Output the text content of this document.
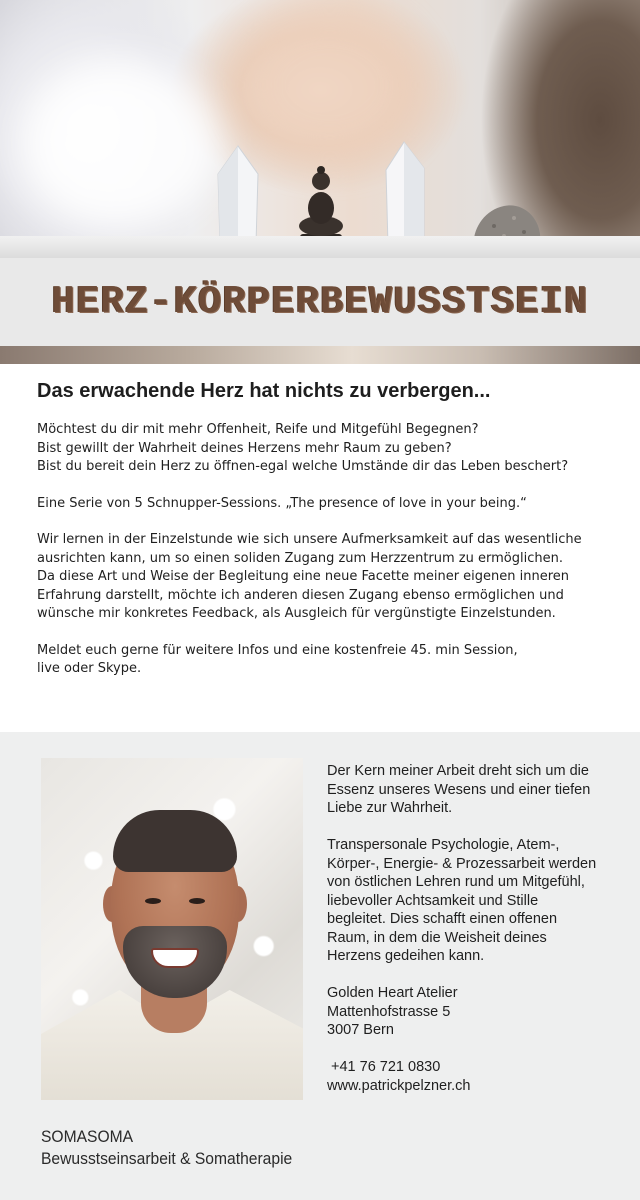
HERZ-KÖRPERBEWUSSTSEIN
Das erwachende Herz hat nichts zu verbergen...

Möchtest du dir mit mehr Offenheit, Reife und Mitgefühl Begegnen?
Bist gewillt der Wahrheit deines Herzens mehr Raum zu geben?
Bist du bereit dein Herz zu öffnen-egal welche Umstände dir das Leben beschert?

Eine Serie von 5 Schnupper-Sessions. „The presence of love in your being.“

Wir lernen in der Einzelstunde wie sich unsere Aufmerksamkeit auf das wesentliche
ausrichten kann, um so einen soliden Zugang zum Herzzentrum zu ermöglichen.
Da diese Art und Weise der Begleitung eine neue Facette meiner eigenen inneren
Erfahrung darstellt, möchte ich anderen diesen Zugang ebenso ermöglichen und
wünsche mir konkretes Feedback, als Ausgleich für vergünstigte Einzelstunden.

Meldet euch gerne für weitere Infos und eine kostenfreie 45. min Session,
live oder Skype.

Der Kern meiner Arbeit dreht sich um die
Essenz unseres Wesens und einer tiefen
Liebe zur Wahrheit.

Transpersonale Psychologie, Atem-,
Körper-, Energie- & Prozessarbeit werden
von östlichen Lehren rund um Mitgefühl,
liebevoller Achtsamkeit und Stille
begleitet. Dies schafft einen offenen
Raum, in dem die Weisheit deines
Herzens gedeihen kann.

Golden Heart Atelier
Mattenhofstrasse 5
3007 Bern

+41 76 721 0830
www.patrickpelzner.ch

SOMASOMA
Bewusstseinsarbeit & Somatherapie
